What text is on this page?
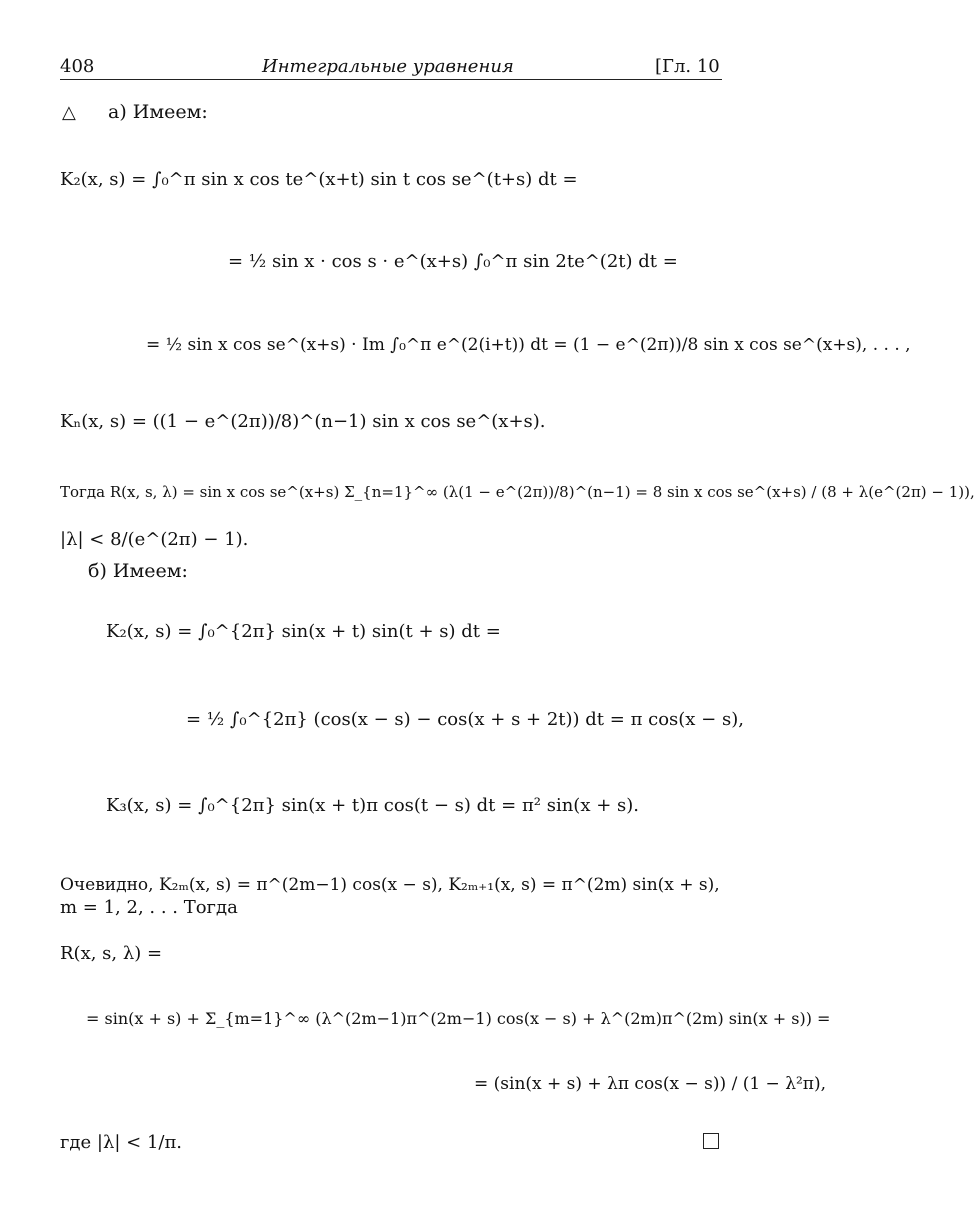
408	Интегральные уравнения	[Гл. 10
△ а) Имеем:
K₂(x, s) = ∫₀^π sin x cos te^(x+t) sin t cos se^(t+s) dt =
= ½ sin x · cos s · e^(x+s) ∫₀^π sin 2te^(2t) dt =
= ½ sin x cos se^(x+s) · Im ∫₀^π e^(2(i+t)) dt = (1 − e^(2π))/8 sin x cos se^(x+s), . . . ,
Kₙ(x, s) = ((1 − e^(2π))/8)^(n−1) sin x cos se^(x+s).
Тогда R(x, s, λ) = sin x cos se^(x+s) Σ_{n=1}^∞ (λ(1 − e^(2π))/8)^(n−1) = 8 sin x cos se^(x+s) / (8 + λ(e^(2π) − 1)),
|λ| < 8/(e^(2π) − 1).
б) Имеем:
K₂(x, s) = ∫₀^{2π} sin(x + t) sin(t + s) dt =
= ½ ∫₀^{2π} (cos(x − s) − cos(x + s + 2t)) dt = π cos(x − s),
K₃(x, s) = ∫₀^{2π} sin(x + t)π cos(t − s) dt = π² sin(x + s).
Очевидно, K₂ₘ(x, s) = π^(2m−1) cos(x − s), K₂ₘ₊₁(x, s) = π^(2m) sin(x + s),
m = 1, 2, . . . Тогда
R(x, s, λ) =
= sin(x + s) + Σ_{m=1}^∞ (λ^(2m−1)π^(2m−1) cos(x − s) + λ^(2m)π^(2m) sin(x + s)) =
= (sin(x + s) + λπ cos(x − s)) / (1 − λ²π),
где |λ| < 1/π.
